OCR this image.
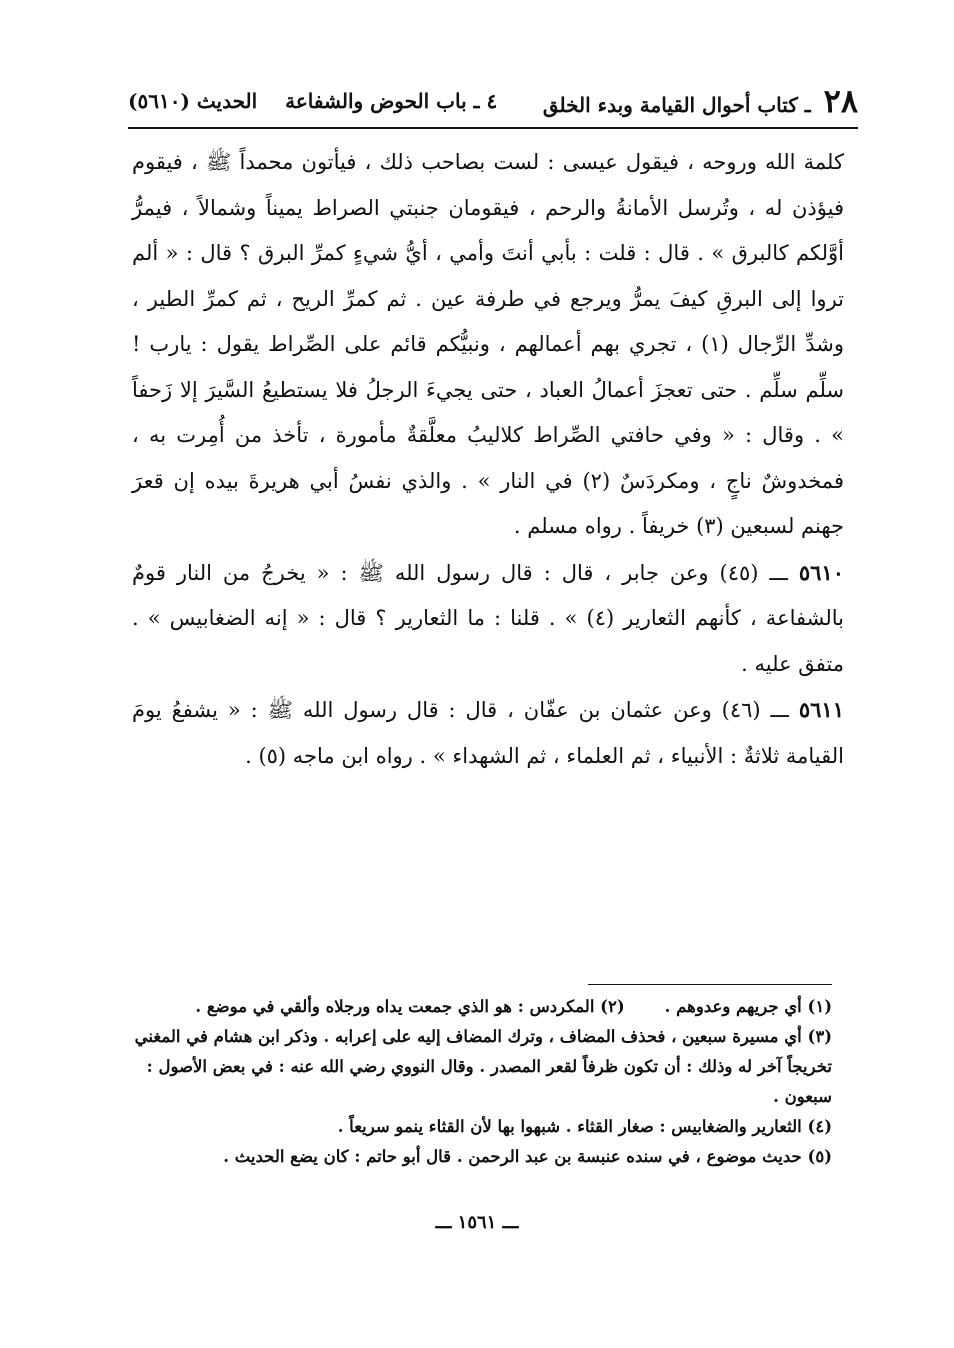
٢٨ ـ كتاب أحوال القيامة وبدء الخلق
٤ ـ باب الحوض والشفاعة
الحديث (٥٦١٠)

كلمة الله وروحه ، فيقول عيسى : لست بصاحب ذلك ، فيأتون محمداً ﷺ ، فيقوم فيؤذن له ، وتُرسل الأمانةُ والرحم ، فيقومان جنبتي الصراط يميناً وشمالاً ، فيمرُّ أوَّلكم كالبرق » . قال : قلت : بأبي أنتَ وأمي ، أيُّ شيءٍ كمرِّ البرق ؟ قال : « ألم تروا إلى البرقِ كيفَ يمرُّ ويرجع في طرفة عين . ثم كمرِّ الريح ، ثم كمرِّ الطير ، وشدِّ الرِّجال (١) ، تجري بهم أعمالهم ، ونبيُّكم قائم على الصِّراط يقول : يارب ! سلِّم سلِّم . حتى تعجزَ أعمالُ العباد ، حتى يجيءَ الرجلُ فلا يستطيعُ السَّيرَ إلا زَحفاً » . وقال : « وفي حافتي الصِّراط كلاليبُ معلَّقةٌ مأمورة ، تأخذ من أُمِرت به ، فمخدوشٌ ناجٍ ، ومكردَسٌ (٢) في النار » . والذي نفسُ أبي هريرةَ بيده إن قعرَ جهنم لسبعين (٣) خريفاً . رواه مسلم .

٥٦١٠ ـــ (٤٥) وعن جابر ، قال : قال رسول الله ﷺ : « يخرجُ من النار قومٌ بالشفاعة ، كأنهم الثعارير (٤) » . قلنا : ما الثعارير ؟ قال : « إنه الضغابيس » . متفق عليه .

٥٦١١ ـــ (٤٦) وعن عثمان بن عفّان ، قال : قال رسول الله ﷺ : « يشفعُ يومَ القيامة ثلاثةٌ : الأنبياء ، ثم العلماء ، ثم الشهداء » . رواه ابن ماجه (٥) .

(١) أي جريهم وعدوهم .
(٢) المكردس : هو الذي جمعت يداه ورجلاه وألقي في موضع .

(٣) أي مسيرة سبعين ، فحذف المضاف ، وترك المضاف إليه على إعرابه . وذكر ابن هشام في المغني تخريجاً آخر له وذلك : أن تكون ظرفاً لقعر المصدر . وقال النووي رضي الله عنه : في بعض الأصول : سبعون .

(٤) الثعارير والضغابيس : صغار القثاء . شبهوا بها لأن القثاء ينمو سريعاً .

(٥) حديث موضوع ، في سنده عنبسة بن عبد الرحمن . قال أبو حاتم : كان يضع الحديث .

ـــ ١٥٦١ ـــ
